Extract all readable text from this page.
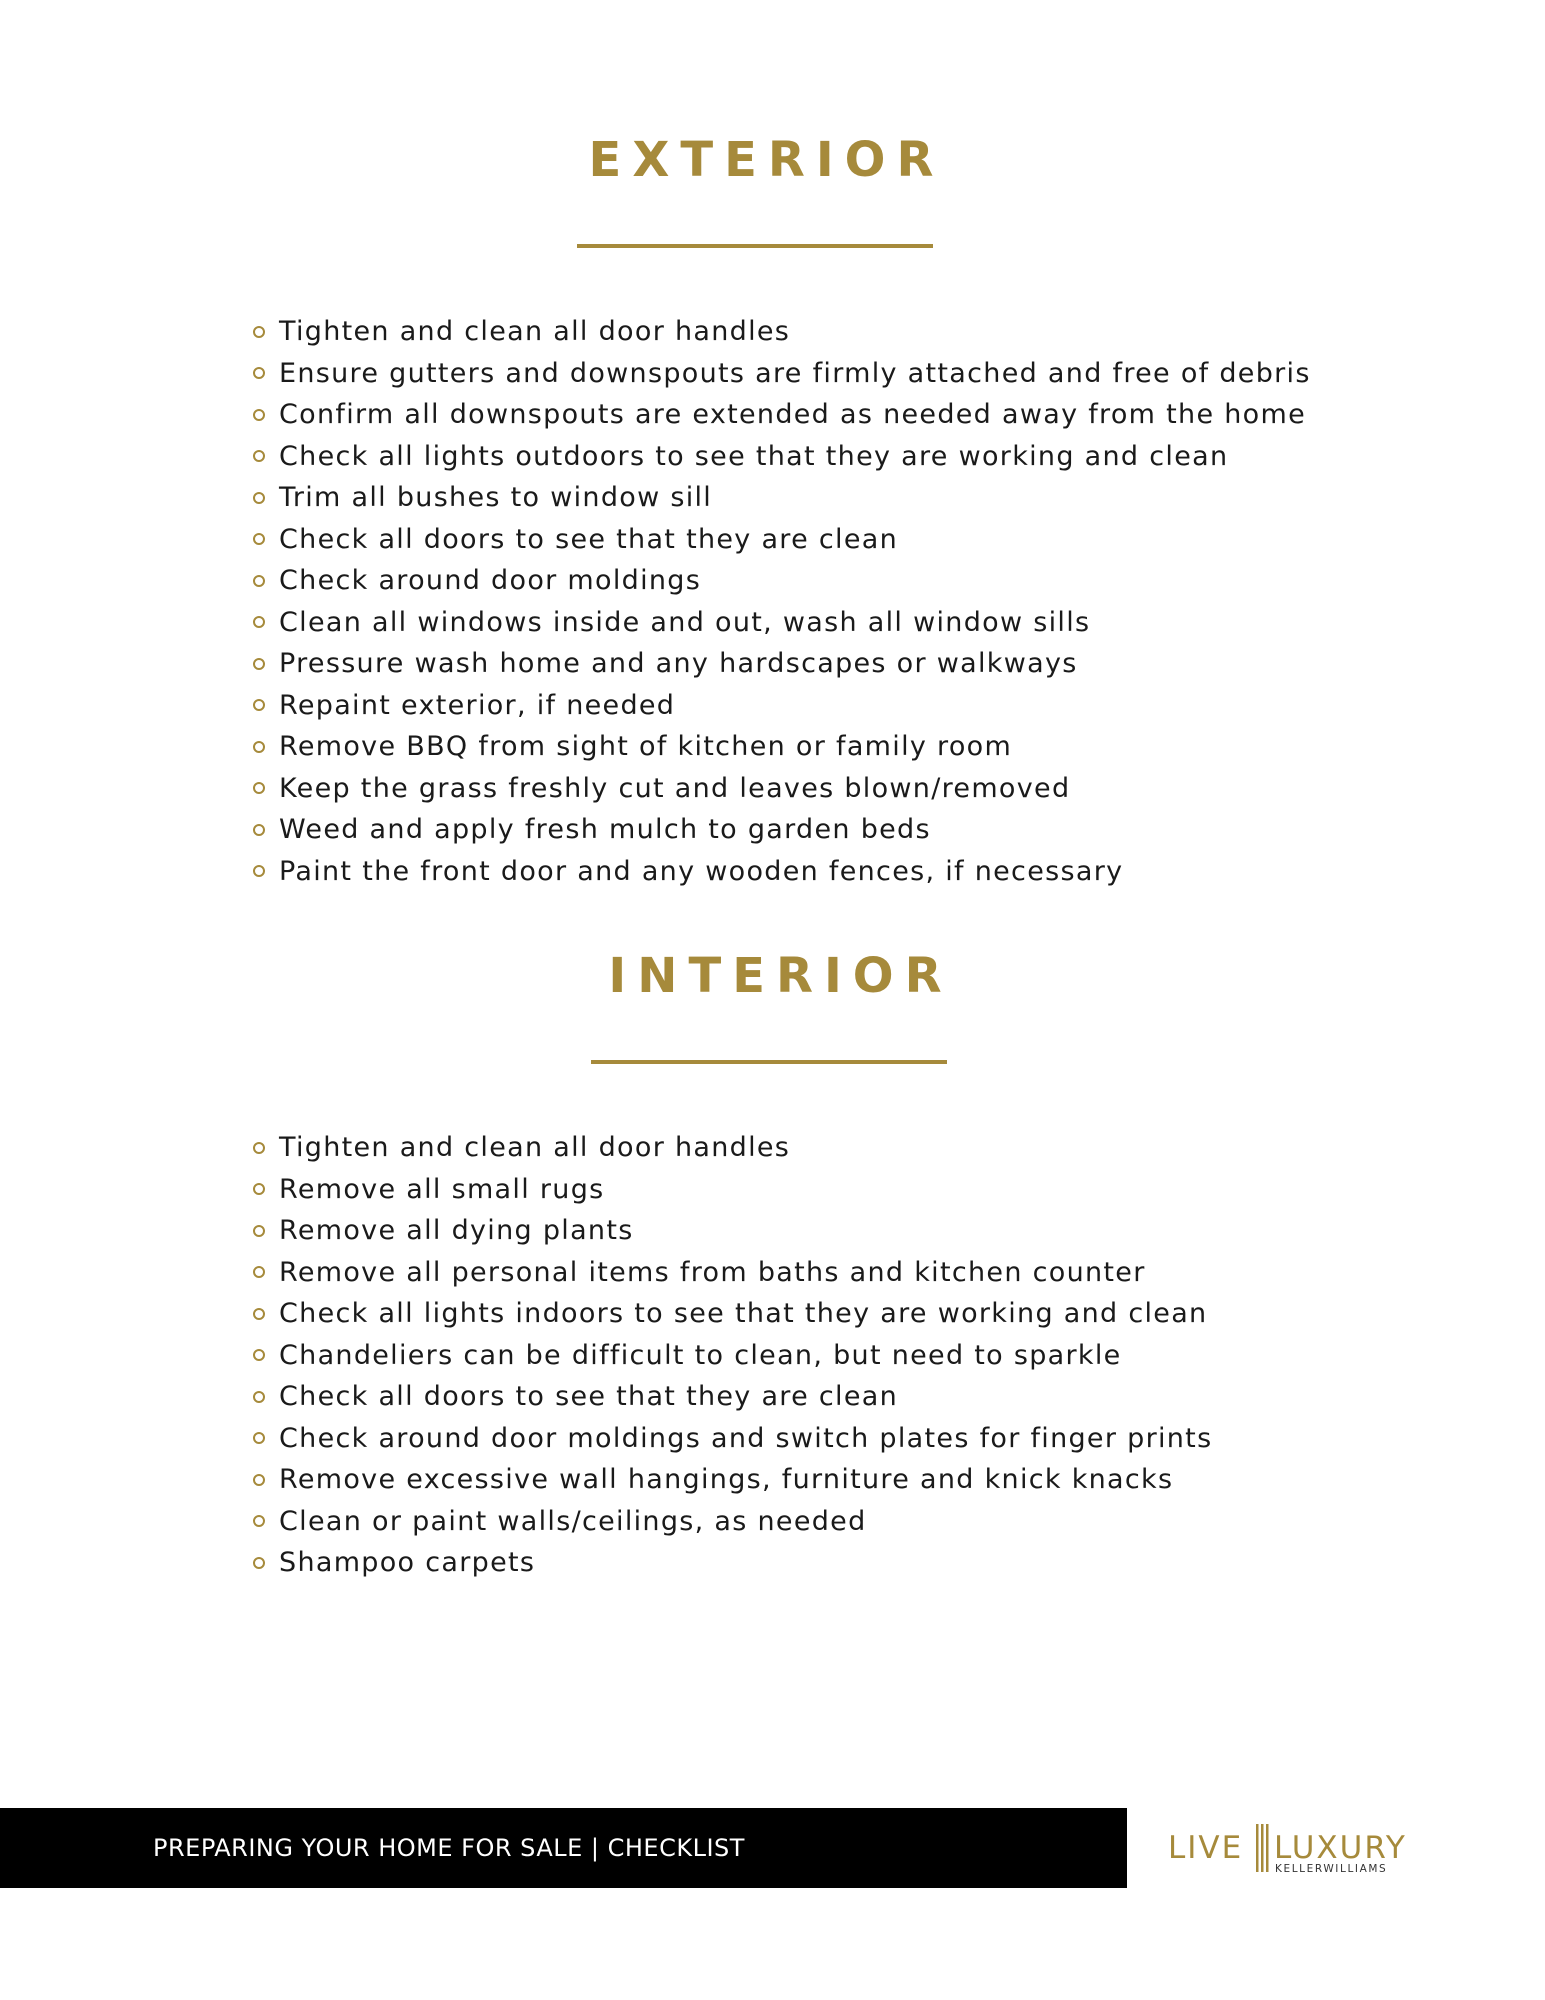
EXTERIOR
Tighten and clean all door handles
Ensure gutters and downspouts are firmly attached and free of debris
Confirm all downspouts are extended as needed away from the home
Check all lights outdoors to see that they are working and clean
Trim all bushes to window sill
Check all doors to see that they are clean
Check around door moldings
Clean all windows inside and out, wash all window sills
Pressure wash home and any hardscapes or walkways
Repaint exterior, if needed
Remove BBQ from sight of kitchen or family room
Keep the grass freshly cut and leaves blown/removed
Weed and apply fresh mulch to garden beds
Paint the front door and any wooden fences, if necessary
INTERIOR
Tighten and clean all door handles
Remove all small rugs
Remove all dying plants
Remove all personal items from baths and kitchen counter
Check all lights indoors to see that they are working and clean
Chandeliers can be difficult to clean, but need to sparkle
Check all doors to see that they are clean
Check around door moldings and switch plates for finger prints
Remove excessive wall hangings, furniture and knick knacks
Clean or paint walls/ceilings, as needed
Shampoo carpets
PREPARING YOUR HOME FOR SALE | CHECKLIST	LIVE LUXURY
KELLERWILLIAMS
